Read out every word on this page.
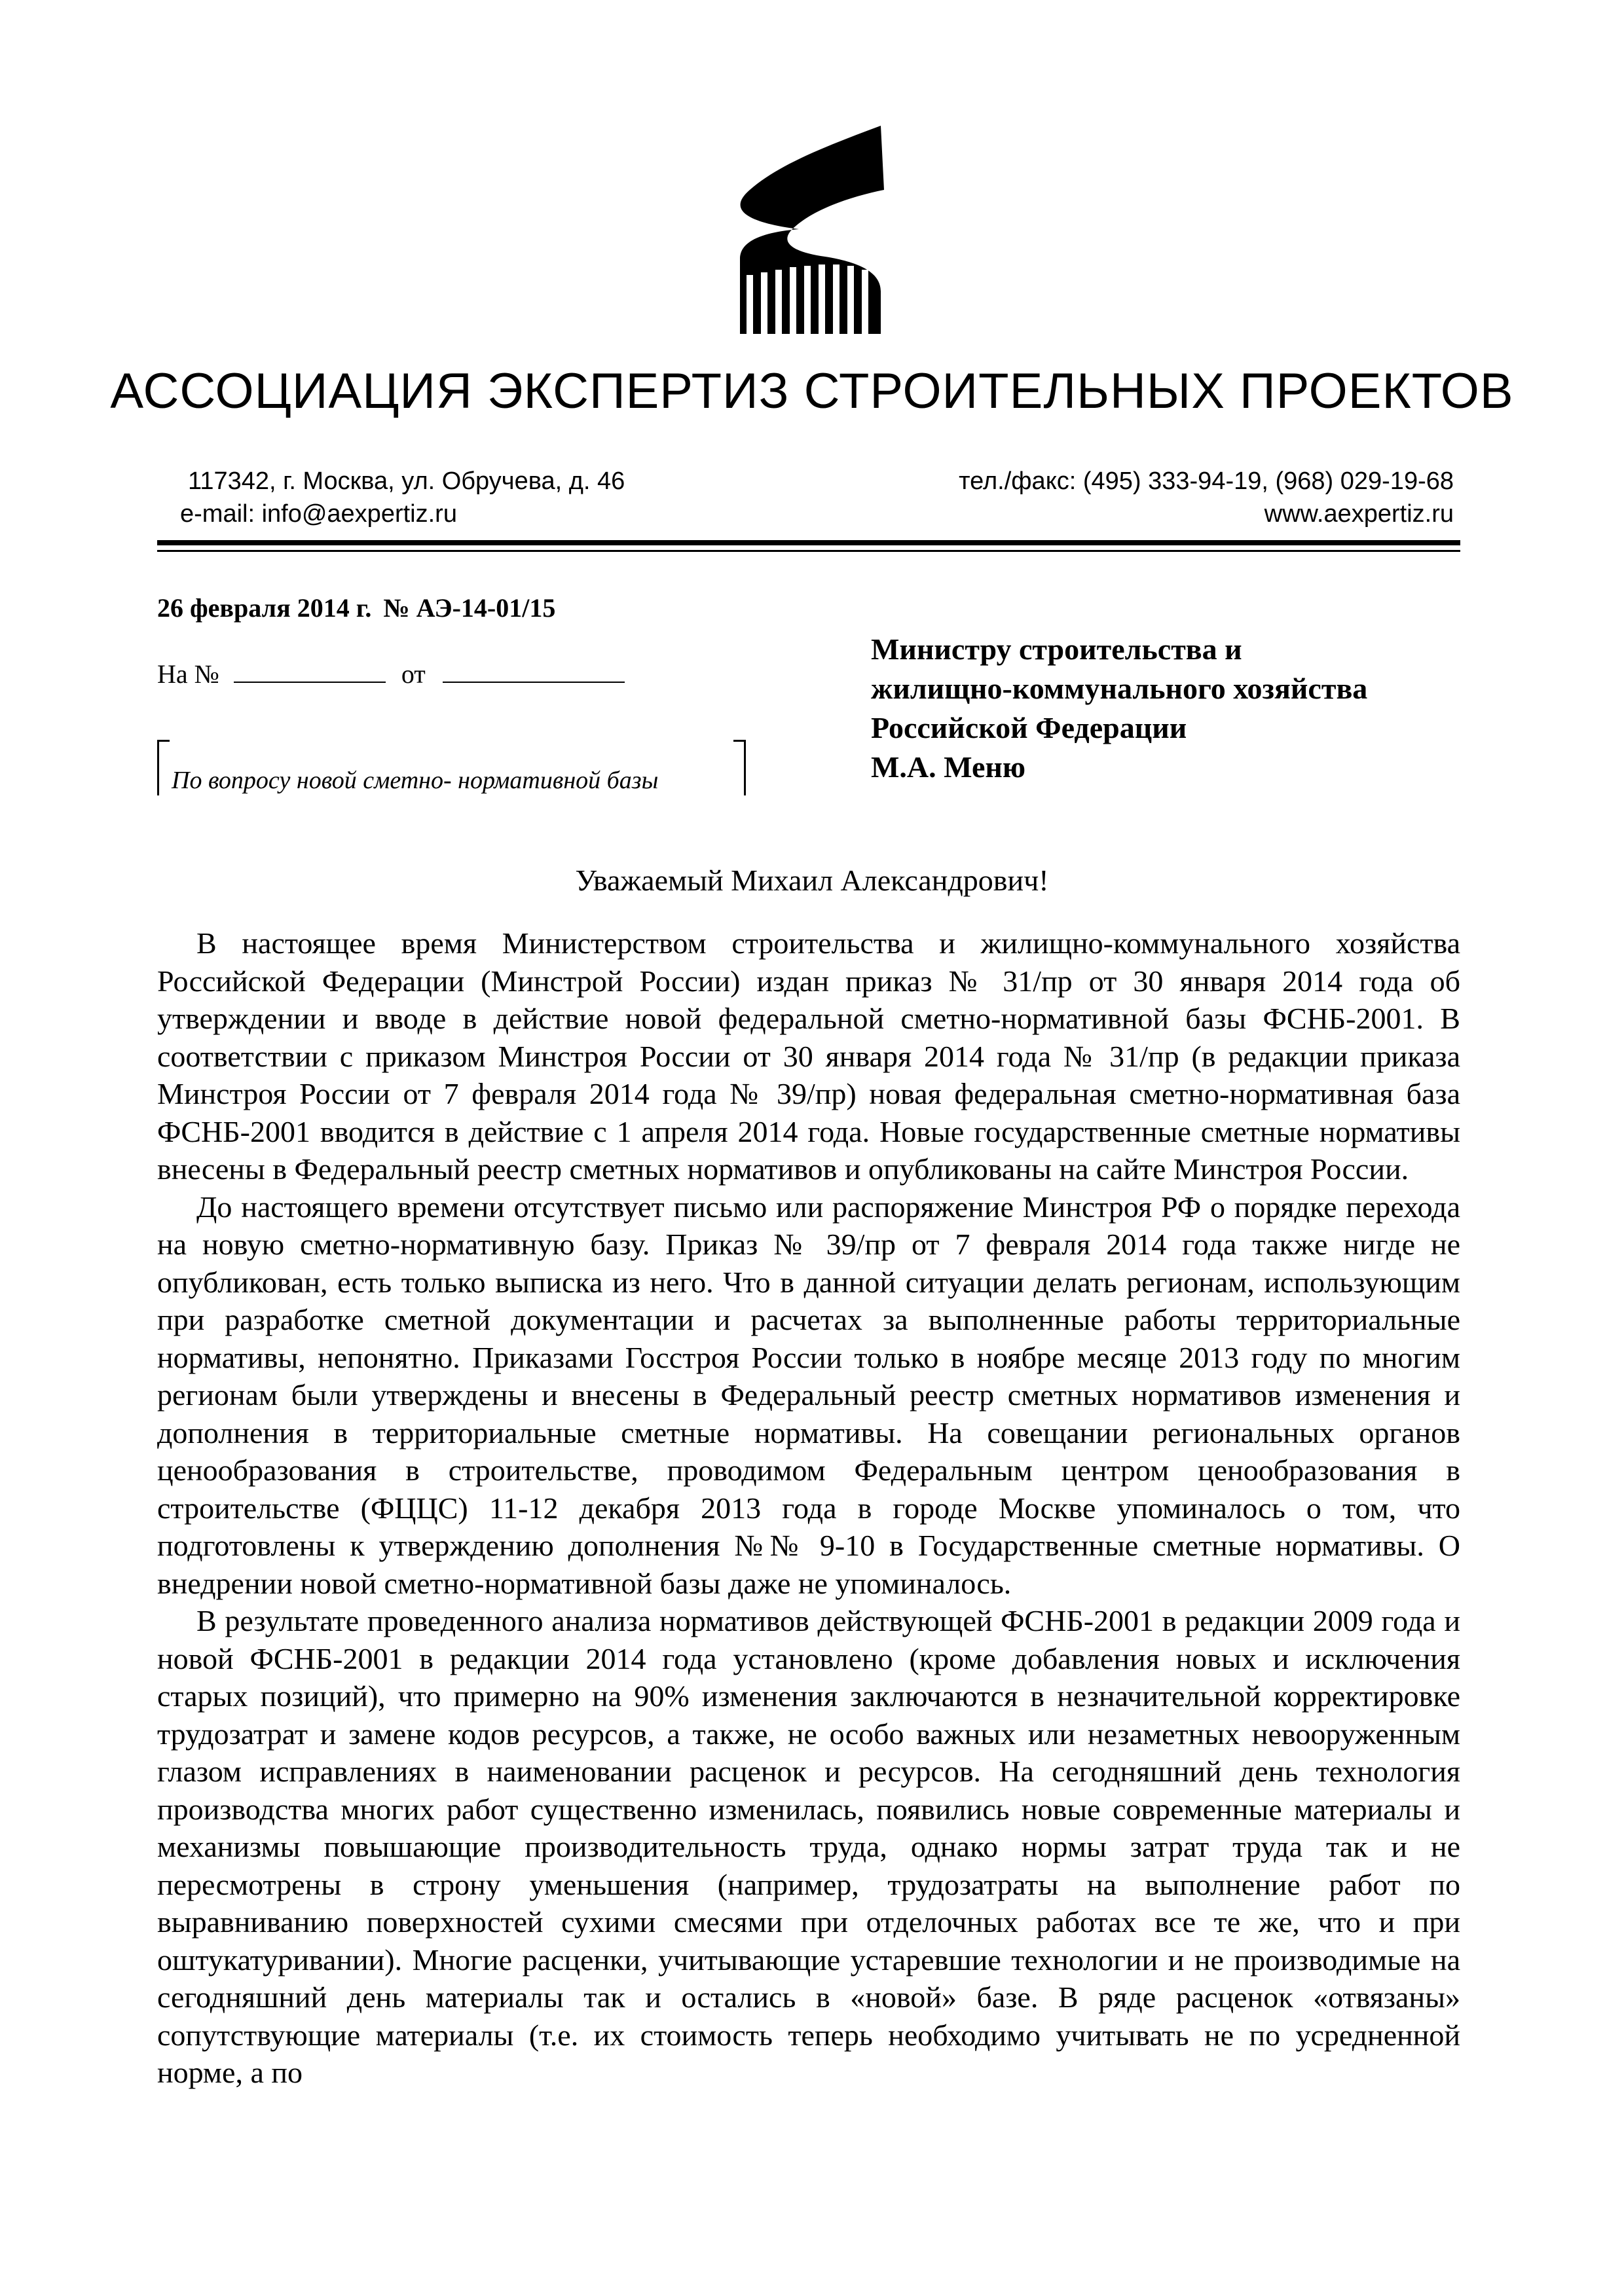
АССОЦИАЦИЯ ЭКСПЕРТИЗ СТРОИТЕЛЬНЫХ ПРОЕКТОВ
117342, г. Москва, ул. Обручева, д. 46	тел./факс: (495) 333-94-19, (968) 029-19-68
e-mail: info@aexpertiz.ru	www.aexpertiz.ru
26 февраля 2014 г. № АЭ-14-01/15
На №	от
По вопросу новой сметно- нормативной базы
Министру строительства и
жилищно-коммунального хозяйства
Российской Федерации
М.А. Меню
Уважаемый Михаил Александрович!

В настоящее время Министерством строительства и жилищно-коммунального хозяйства Российской Федерации (Минстрой России) издан приказ № 31/пр от 30 января 2014 года об утверждении и вводе в действие новой федеральной сметно-нормативной базы ФСНБ-2001. В соответствии с приказом Минстроя России от 30 января 2014 года № 31/пр (в редакции приказа Минстроя России от 7 февраля 2014 года № 39/пр) новая федеральная сметно-нормативная база ФСНБ-2001 вводится в действие с 1 апреля 2014 года. Новые государственные сметные нормативы внесены в Федеральный реестр сметных нормативов и опубликованы на сайте Минстроя России.

До настоящего времени отсутствует письмо или распоряжение Минстроя РФ о порядке перехода на новую сметно-нормативную базу. Приказ № 39/пр от 7 февраля 2014 года также нигде не опубликован, есть только выписка из него. Что в данной ситуации делать регионам, использующим при разработке сметной документации и расчетах за выполненные работы территориальные нормативы, непонятно. Приказами Госстроя России только в ноябре месяце 2013 году по многим регионам были утверждены и внесены в Федеральный реестр сметных нормативов изменения и дополнения в территориальные сметные нормативы. На совещании региональных органов ценообразования в строительстве, проводимом Федеральным центром ценообразования в строительстве (ФЦЦС) 11-12 декабря 2013 года в городе Москве упоминалось о том, что подготовлены к утверждению дополнения №№ 9-10 в Государственные сметные нормативы. О внедрении новой сметно-нормативной базы даже не упоминалось.

В результате проведенного анализа нормативов действующей ФСНБ-2001 в редакции 2009 года и новой ФСНБ-2001 в редакции 2014 года установлено (кроме добавления новых и исключения старых позиций), что примерно на 90% изменения заключаются в незначительной корректировке трудозатрат и замене кодов ресурсов, а также, не особо важных или незаметных невооруженным глазом исправлениях в наименовании расценок и ресурсов. На сегодняшний день технология производства многих работ существенно изменилась, появились новые современные материалы и механизмы повышающие производительность труда, однако нормы затрат труда так и не пересмотрены в строну уменьшения (например, трудозатраты на выполнение работ по выравниванию поверхностей сухими смесями при отделочных работах все те же, что и при оштукатуривании). Многие расценки, учитывающие устаревшие технологии и не производимые на сегодняшний день материалы так и остались в «новой» базе. В ряде расценок «отвязаны» сопутствующие материалы (т.е. их стоимость теперь необходимо учитывать не по усредненной норме, а по
